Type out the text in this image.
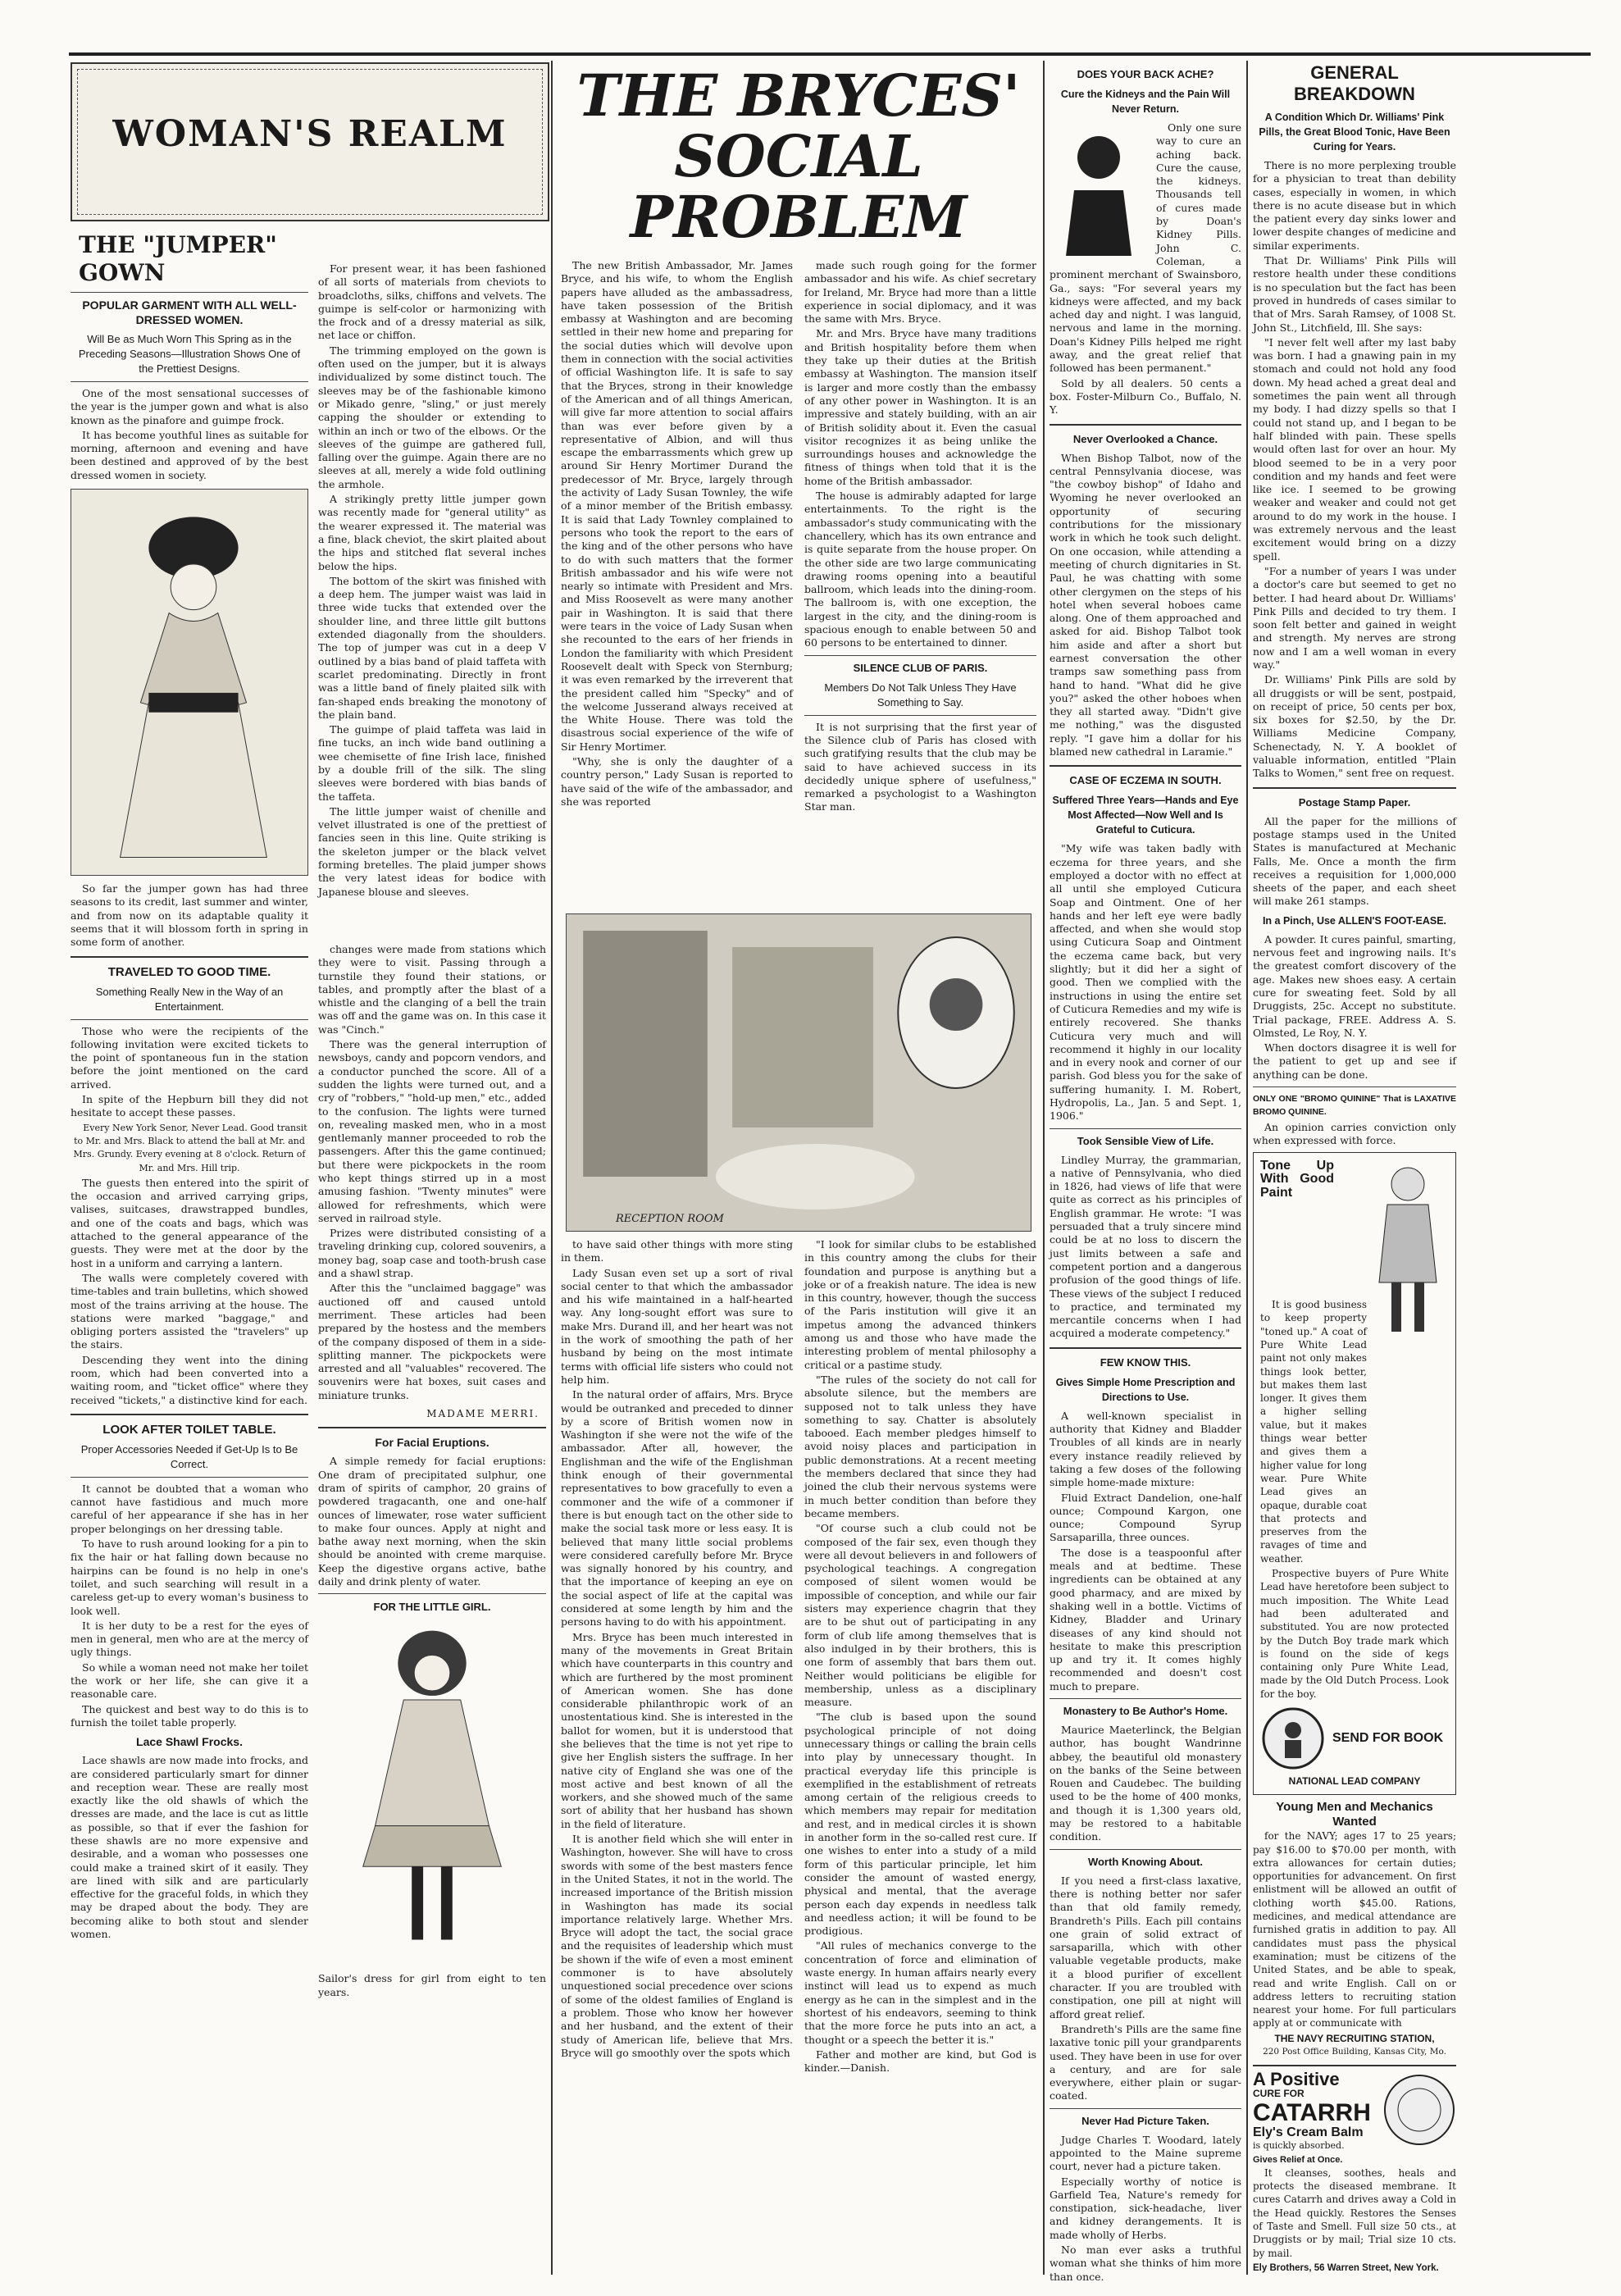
WOMAN'S REALM
THE "JUMPER" GOWN
POPULAR GARMENT WITH ALL WELL-DRESSED WOMEN.
Will Be as Much Worn This Spring as in the Preceding Seasons—Illustration Shows One of the Prettiest Designs.

One of the most sensational successes of the year is the jumper gown and what is also known as the pinafore and guimpe frock.

It has become youthful lines as suitable for morning, afternoon and evening and have been destined and approved of by the best dressed women in society.

So far the jumper gown has had three seasons to its credit, last summer and winter, and from now on its adaptable quality it seems that it will blossom forth in spring in some form of another.

TRAVELED TO GOOD TIME.
Something Really New in the Way of an Entertainment.

Those who were the recipients of the following invitation were excited tickets to the point of spontaneous fun in the station before the joint mentioned on the card arrived.

In spite of the Hepburn bill they did not hesitate to accept these passes.

Every New York Senor, Never Lead. Good transit to Mr. and Mrs. Black to attend the ball at Mr. and Mrs. Grundy. Every evening at 8 o'clock. Return of Mr. and Mrs. Hill trip.

The guests then entered into the spirit of the occasion and arrived carrying grips, valises, suitcases, drawstrapped bundles, and one of the coats and bags, which was attached to the general appearance of the guests. They were met at the door by the host in a uniform and carrying a lantern.

The walls were completely covered with time-tables and train bulletins, which showed most of the trains arriving at the house. The stations were marked "baggage," and obliging porters assisted the "travelers" up the stairs.

Descending they went into the dining room, which had been converted into a waiting room, and "ticket office" where they received "tickets," a distinctive kind for each.

LOOK AFTER TOILET TABLE.
Proper Accessories Needed if Get-Up Is to Be Correct.

It cannot be doubted that a woman who cannot have fastidious and much more careful of her appearance if she has in her proper belongings on her dressing table.

To have to rush around looking for a pin to fix the hair or hat falling down because no hairpins can be found is no help in one's toilet, and such searching will result in a careless get-up to every woman's business to look well.

It is her duty to be a rest for the eyes of men in general, men who are at the mercy of ugly things.

So while a woman need not make her toilet the work or her life, she can give it a reasonable care.

The quickest and best way to do this is to furnish the toilet table properly.

Lace Shawl Frocks.

Lace shawls are now made into frocks, and are considered particularly smart for dinner and reception wear. These are really most exactly like the old shawls of which the dresses are made, and the lace is cut as little as possible, so that if ever the fashion for these shawls are no more expensive and desirable, and a woman who possesses one could make a trained skirt of it easily. They are lined with silk and are particularly effective for the graceful folds, in which they may be draped about the body. They are becoming alike to both stout and slender women.

For present wear, it has been fashioned of all sorts of materials from cheviots to broadcloths, silks, chiffons and velvets. The guimpe is self-color or harmonizing with the frock and of a dressy material as silk, net lace or chiffon.

The trimming employed on the gown is often used on the jumper, but it is always individualized by some distinct touch. The sleeves may be of the fashionable kimono or Mikado genre, "sling," or just merely capping the shoulder or extending to within an inch or two of the elbows. Or the sleeves of the guimpe are gathered full, falling over the guimpe. Again there are no sleeves at all, merely a wide fold outlining the armhole.

A strikingly pretty little jumper gown was recently made for "general utility" as the wearer expressed it. The material was a fine, black cheviot, the skirt plaited about the hips and stitched flat several inches below the hips.

The bottom of the skirt was finished with a deep hem. The jumper waist was laid in three wide tucks that extended over the shoulder line, and three little gilt buttons extended diagonally from the shoulders. The top of jumper was cut in a deep V outlined by a bias band of plaid taffeta with scarlet predominating. Directly in front was a little band of finely plaited silk with fan-shaped ends breaking the monotony of the plain band.

The guimpe of plaid taffeta was laid in fine tucks, an inch wide band outlining a wee chemisette of fine Irish lace, finished by a double frill of the silk. The sling sleeves were bordered with bias bands of the taffeta.

The little jumper waist of chenille and velvet illustrated is one of the prettiest of fancies seen in this line. Quite striking is the skeleton jumper or the black velvet forming bretelles. The plaid jumper shows the very latest ideas for bodice with Japanese blouse and sleeves.

changes were made from stations which they were to visit. Passing through a turnstile they found their stations, or tables, and promptly after the blast of a whistle and the clanging of a bell the train was off and the game was on. In this case it was "Cinch."

There was the general interruption of newsboys, candy and popcorn vendors, and a conductor punched the score. All of a sudden the lights were turned out, and a cry of "robbers," "hold-up men," etc., added to the confusion. The lights were turned on, revealing masked men, who in a most gentlemanly manner proceeded to rob the passengers. After this the game continued; but there were pickpockets in the room who kept things stirred up in a most amusing fashion. "Twenty minutes" were allowed for refreshments, which were served in railroad style.

Prizes were distributed consisting of a traveling drinking cup, colored souvenirs, a money bag, soap case and tooth-brush case and a shawl strap.

After this the "unclaimed baggage" was auctioned off and caused untold merriment. These articles had been prepared by the hostess and the members of the company disposed of them in a side-splitting manner. The pickpockets were arrested and all "valuables" recovered. The souvenirs were hat boxes, suit cases and miniature trunks.

MADAME MERRI.
For Facial Eruptions.

A simple remedy for facial eruptions: One dram of precipitated sulphur, one dram of spirits of camphor, 20 grains of powdered tragacanth, one and one-half ounces of limewater, rose water sufficient to make four ounces. Apply at night and bathe away next morning, when the skin should be anointed with creme marquise. Keep the digestive organs active, bathe daily and drink plenty of water.

FOR THE LITTLE GIRL.

Sailor's dress for girl from eight to ten years.

THE BRYCES'
SOCIAL PROBLEM

The new British Ambassador, Mr. James Bryce, and his wife, to whom the English papers have alluded as the ambassadress, have taken possession of the British embassy at Washington and are becoming settled in their new home and preparing for the social duties which will devolve upon them in connection with the social activities of official Washington life. It is safe to say that the Bryces, strong in their knowledge of the American and of all things American, will give far more attention to social affairs than was ever before given by a representative of Albion, and will thus escape the embarrassments which grew up around Sir Henry Mortimer Durand the predecessor of Mr. Bryce, largely through the activity of Lady Susan Townley, the wife of a minor member of the British embassy. It is said that Lady Townley complained to persons who took the report to the ears of the king and of the other persons who have to do with such matters that the former British ambassador and his wife were not nearly so intimate with President and Mrs. and Miss Roosevelt as were many another pair in Washington. It is said that there were tears in the voice of Lady Susan when she recounted to the ears of her friends in London the familiarity with which President Roosevelt dealt with Speck von Sternburg; it was even remarked by the irreverent that the president called him "Specky" and of the welcome Jusserand always received at the White House. There was told the disastrous social experience of the wife of Sir Henry Mortimer.

"Why, she is only the daughter of a country person," Lady Susan is reported to have said of the wife of the ambassador, and she was reported

made such rough going for the former ambassador and his wife. As chief secretary for Ireland, Mr. Bryce had more than a little experience in social diplomacy, and it was the same with Mrs. Bryce.

Mr. and Mrs. Bryce have many traditions and British hospitality before them when they take up their duties at the British embassy at Washington. The mansion itself is larger and more costly than the embassy of any other power in Washington. It is an impressive and stately building, with an air of British solidity about it. Even the casual visitor recognizes it as being unlike the surroundings houses and acknowledge the fitness of things when told that it is the home of the British ambassador.

The house is admirably adapted for large entertainments. To the right is the ambassador's study communicating with the chancellery, which has its own entrance and is quite separate from the house proper. On the other side are two large communicating drawing rooms opening into a beautiful ballroom, which leads into the dining-room. The ballroom is, with one exception, the largest in the city, and the dining-room is spacious enough to enable between 50 and 60 persons to be entertained to dinner.

SILENCE CLUB OF PARIS.
Members Do Not Talk Unless They Have Something to Say.

It is not surprising that the first year of the Silence club of Paris has closed with such gratifying results that the club may be said to have achieved success in its decidedly unique sphere of usefulness," remarked a psychologist to a Washington Star man.

RECEPTION ROOM

to have said other things with more sting in them.

Lady Susan even set up a sort of rival social center to that which the ambassador and his wife maintained in a half-hearted way. Any long-sought effort was sure to make Mrs. Durand ill, and her heart was not in the work of smoothing the path of her husband by being on the most intimate terms with official life sisters who could not help him.

In the natural order of affairs, Mrs. Bryce would be outranked and preceded to dinner by a score of British women now in Washington if she were not the wife of the ambassador. After all, however, the Englishman and the wife of the Englishman think enough of their governmental representatives to bow gracefully to even a commoner and the wife of a commoner if there is but enough tact on the other side to make the social task more or less easy. It is believed that many little social problems were considered carefully before Mr. Bryce was signally honored by his country, and that the importance of keeping an eye on the social aspect of life at the capital was considered at some length by him and the persons having to do with his appointment.

Mrs. Bryce has been much interested in many of the movements in Great Britain which have counterparts in this country and which are furthered by the most prominent of American women. She has done considerable philanthropic work of an unostentatious kind. She is interested in the ballot for women, but it is understood that she believes that the time is not yet ripe to give her English sisters the suffrage. In her native city of England she was one of the most active and best known of all the workers, and she showed much of the same sort of ability that her husband has shown in the field of literature.

It is another field which she will enter in Washington, however. She will have to cross swords with some of the best masters fence in the United States, it not in the world. The increased importance of the British mission in Washington has made its social importance relatively large. Whether Mrs. Bryce will adopt the tact, the social grace and the requisites of leadership which must be shown if the wife of even a most eminent commoner is to have absolutely unquestioned social precedence over scions of some of the oldest families of England is a problem. Those who know her however and her husband, and the extent of their study of American life, believe that Mrs. Bryce will go smoothly over the spots which

"I look for similar clubs to be established in this country among the clubs for their foundation and purpose is anything but a joke or of a freakish nature. The idea is new in this country, however, though the success of the Paris institution will give it an impetus among the advanced thinkers among us and those who have made the interesting problem of mental philosophy a critical or a pastime study.

"The rules of the society do not call for absolute silence, but the members are supposed not to talk unless they have something to say. Chatter is absolutely tabooed. Each member pledges himself to avoid noisy places and participation in public demonstrations. At a recent meeting the members declared that since they had joined the club their nervous systems were in much better condition than before they became members.

"Of course such a club could not be composed of the fair sex, even though they were all devout believers in and followers of psychological teachings. A congregation composed of silent women would be impossible of conception, and while our fair sisters may experience chagrin that they are to be shut out of participating in any form of club life among themselves that is also indulged in by their brothers, this is one form of assembly that bars them out. Neither would politicians be eligible for membership, unless as a disciplinary measure.

"The club is based upon the sound psychological principle of not doing unnecessary things or calling the brain cells into play by unnecessary thought. In practical everyday life this principle is exemplified in the establishment of retreats among certain of the religious creeds to which members may repair for meditation and rest, and in medical circles it is shown in another form in the so-called rest cure. If one wishes to enter into a study of a mild form of this particular principle, let him consider the amount of wasted energy, physical and mental, that the average person each day expends in needless talk and needless action; it will be found to be prodigious.

"All rules of mechanics converge to the concentration of force and elimination of waste energy. In human affairs nearly every instinct will lead us to expend as much energy as he can in the simplest and in the shortest of his endeavors, seeming to think that the more force he puts into an act, a thought or a speech the better it is."

Father and mother are kind, but God is kinder.—Danish.

DOES YOUR BACK ACHE?
Cure the Kidneys and the Pain Will Never Return.

Only one sure way to cure an aching back. Cure the cause, the kidneys. Thousands tell of cures made by Doan's Kidney Pills. John C. Coleman, a prominent merchant of Swainsboro, Ga., says: "For several years my kidneys were affected, and my back ached day and night. I was languid, nervous and lame in the morning. Doan's Kidney Pills helped me right away, and the great relief that followed has been permanent."

Sold by all dealers. 50 cents a box. Foster-Milburn Co., Buffalo, N. Y.

Never Overlooked a Chance.

When Bishop Talbot, now of the central Pennsylvania diocese, was "the cowboy bishop" of Idaho and Wyoming he never overlooked an opportunity of securing contributions for the missionary work in which he took such delight. On one occasion, while attending a meeting of church dignitaries in St. Paul, he was chatting with some other clergymen on the steps of his hotel when several hoboes came along. One of them approached and asked for aid. Bishop Talbot took him aside and after a short but earnest conversation the other tramps saw something pass from hand to hand. "What did he give you?" asked the other hoboes when they all started away. "Didn't give me nothing," was the disgusted reply. "I gave him a dollar for his blamed new cathedral in Laramie."

CASE OF ECZEMA IN SOUTH.
Suffered Three Years—Hands and Eye Most Affected—Now Well and Is Grateful to Cuticura.

"My wife was taken badly with eczema for three years, and she employed a doctor with no effect at all until she employed Cuticura Soap and Ointment. One of her hands and her left eye were badly affected, and when she would stop using Cuticura Soap and Ointment the eczema came back, but very slightly; but it did her a sight of good. Then we complied with the instructions in using the entire set of Cuticura Remedies and my wife is entirely recovered. She thanks Cuticura very much and will recommend it highly in our locality and in every nook and corner of our parish. God bless you for the sake of suffering humanity. I. M. Robert, Hydropolis, La., Jan. 5 and Sept. 1, 1906."

Took Sensible View of Life.

Lindley Murray, the grammarian, a native of Pennsylvania, who died in 1826, had views of life that were quite as correct as his principles of English grammar. He wrote: "I was persuaded that a truly sincere mind could be at no loss to discern the just limits between a safe and competent portion and a dangerous profusion of the good things of life. These views of the subject I reduced to practice, and terminated my mercantile concerns when I had acquired a moderate competency."

FEW KNOW THIS.
Gives Simple Home Prescription and Directions to Use.

A well-known specialist in authority that Kidney and Bladder Troubles of all kinds are in nearly every instance readily relieved by taking a few doses of the following simple home-made mixture:

Fluid Extract Dandelion, one-half ounce; Compound Kargon, one ounce; Compound Syrup Sarsaparilla, three ounces.

The dose is a teaspoonful after meals and at bedtime. These ingredients can be obtained at any good pharmacy, and are mixed by shaking well in a bottle. Victims of Kidney, Bladder and Urinary diseases of any kind should not hesitate to make this prescription up and try it. It comes highly recommended and doesn't cost much to prepare.

Monastery to Be Author's Home.

Maurice Maeterlinck, the Belgian author, has bought Wandrinne abbey, the beautiful old monastery on the banks of the Seine between Rouen and Caudebec. The building used to be the home of 400 monks, and though it is 1,300 years old, may be restored to a habitable condition.

Worth Knowing About.

If you need a first-class laxative, there is nothing better nor safer than that old family remedy, Brandreth's Pills. Each pill contains one grain of solid extract of sarsaparilla, which with other valuable vegetable products, make it a blood purifier of excellent character. If you are troubled with constipation, one pill at night will afford great relief.

Brandreth's Pills are the same fine laxative tonic pill your grandparents used. They have been in use for over a century, and are for sale everywhere, either plain or sugar-coated.

Never Had Picture Taken.

Judge Charles T. Woodard, lately appointed to the Maine supreme court, never had a picture taken.

Especially worthy of notice is Garfield Tea, Nature's remedy for constipation, sick-headache, liver and kidney derangements. It is made wholly of Herbs.

No man ever asks a truthful woman what she thinks of him more than once.

GENERAL BREAKDOWN
A Condition Which Dr. Williams' Pink Pills, the Great Blood Tonic, Have Been Curing for Years.

There is no more perplexing trouble for a physician to treat than debility cases, especially in women, in which there is no acute disease but in which the patient every day sinks lower and lower despite changes of medicine and similar experiments.

That Dr. Williams' Pink Pills will restore health under these conditions is no speculation but the fact has been proved in hundreds of cases similar to that of Mrs. Sarah Ramsey, of 1008 St. John St., Litchfield, Ill. She says:

"I never felt well after my last baby was born. I had a gnawing pain in my stomach and could not hold any food down. My head ached a great deal and sometimes the pain went all through my body. I had dizzy spells so that I could not stand up, and I began to be half blinded with pain. These spells would often last for over an hour. My blood seemed to be in a very poor condition and my hands and feet were like ice. I seemed to be growing weaker and weaker and could not get around to do my work in the house. I was extremely nervous and the least excitement would bring on a dizzy spell.

"For a number of years I was under a doctor's care but seemed to get no better. I had heard about Dr. Williams' Pink Pills and decided to try them. I soon felt better and gained in weight and strength. My nerves are strong now and I am a well woman in every way."

Dr. Williams' Pink Pills are sold by all druggists or will be sent, postpaid, on receipt of price, 50 cents per box, six boxes for $2.50, by the Dr. Williams Medicine Company, Schenectady, N. Y. A booklet of valuable information, entitled "Plain Talks to Women," sent free on request.

Postage Stamp Paper.

All the paper for the millions of postage stamps used in the United States is manufactured at Mechanic Falls, Me. Once a month the firm receives a requisition for 1,000,000 sheets of the paper, and each sheet will make 261 stamps.

In a Pinch, Use ALLEN'S FOOT-EASE.

A powder. It cures painful, smarting, nervous feet and ingrowing nails. It's the greatest comfort discovery of the age. Makes new shoes easy. A certain cure for sweating feet. Sold by all Druggists, 25c. Accept no substitute. Trial package, FREE. Address A. S. Olmsted, Le Roy, N. Y.

When doctors disagree it is well for the patient to get up and see if anything can be done.

ONLY ONE "BROMO QUININE" That is LAXATIVE BROMO QUININE.

An opinion carries conviction only when expressed with force.

Tone Up With Good Paint

It is good business to keep property "toned up." A coat of Pure White Lead paint not only makes things look better, but makes them last longer. It gives them a higher selling value, but it makes things wear better and gives them a higher value for long wear. Pure White Lead gives an opaque, durable coat that protects and preserves from the ravages of time and weather.

Prospective buyers of Pure White Lead have heretofore been subject to much imposition. The White Lead had been adulterated and substituted. You are now protected by the Dutch Boy trade mark which is found on the side of kegs containing only Pure White Lead, made by the Old Dutch Process. Look for the boy.

SEND FOR BOOK
NATIONAL LEAD COMPANY
Young Men and Mechanics Wanted

for the NAVY; ages 17 to 25 years; pay $16.00 to $70.00 per month, with extra allowances for certain duties; opportunities for advancement. On first enlistment will be allowed an outfit of clothing worth $45.00. Rations, medicines, and medical attendance are furnished gratis in addition to pay. All candidates must pass the physical examination; must be citizens of the United States, and be able to speak, read and write English. Call on or address letters to recruiting station nearest your home. For full particulars apply at or communicate with

THE NAVY RECRUITING STATION,
220 Post Office Building, Kansas City, Mo.
A Positive
CURE FOR
CATARRH
Ely's Cream Balm
is quickly absorbed.
Gives Relief at Once.

It cleanses, soothes, heals and protects the diseased membrane. It cures Catarrh and drives away a Cold in the Head quickly. Restores the Senses of Taste and Smell. Full size 50 cts., at Druggists or by mail; Trial size 10 cts. by mail.

Ely Brothers, 56 Warren Street, New York.
